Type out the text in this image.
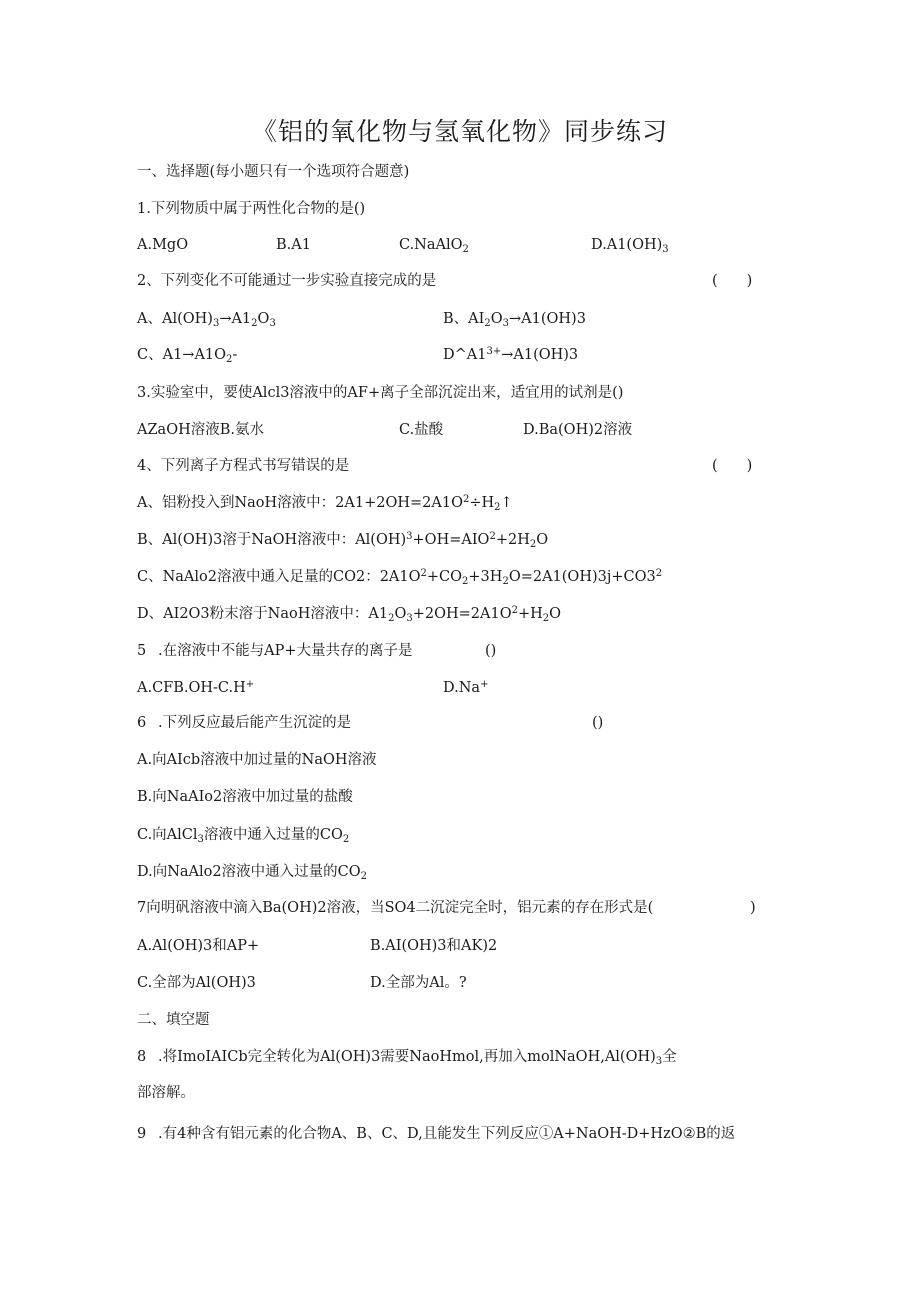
《铝的氧化物与氢氧化物》同步练习
一、选择题(每小题只有一个选项符合题意)
1.下列物质中属于两性化合物的是()
A.MgO	B.A1	C.NaAlO$_2$	$D.A1(OH)_3$
2、下列变化不可能通过一步实验直接完成的是	(　　)
A、$Al(OH)_3\to A1_2O_3$	B、$AI_2O_3\to A1(OH)3$
C、$A1\to A1O_2-$	$D\^{}A1^{3+}\to A1(OH)3$
3.实验室中，要使Alcl3溶液中的AF+离子全部沉淀出来，适宜用的试剂是()
AZaOH溶液B.氨水	C.盐酸	D.Ba(OH)2溶液
4、下列离子方程式书写错误的是	(　　)
A、铝粉投入到NaoH溶液中：$2A1+2OH=2A1O^2\div H_2↑$
B、Al(OH)3溶于NaOH溶液中：$Al(OH)^3+OH=AIO^2+2H_2O$
C、NaAlo2溶液中通入足量的CO2：$2A1O^2+CO_2+3H_2O=2A1(OH)3j+CO3^2$
D、AI2O3粉末溶于NaoH溶液中：$A1_2O_3+2OH=2A1O^2+H_2O$
5 .在溶液中不能与AP+大量共存的离子是	()
A.CFB.OH-C.H+	D.Na+
6 .下列反应最后能产生沉淀的是	()
A.向AIcb溶液中加过量的NaOH溶液
B.向NaAIo2溶液中加过量的盐酸
C.向AlCl$_3$溶液中通入过量的$CO_2$
D.向NaAlo2溶液中通入过量的$CO_2$
7向明矾溶液中滴入Ba(OH)2溶液，当SO4二沉淀完全时，铝元素的存在形式是(	)
A.Al(OH)3和AP+	B.AI(OH)3和AK)2
C.全部为Al(OH)3	D.全部为Al。?
二、填空题
8 .将ImoIAICb完全转化为Al(OH)3需要NaoHmol,再加入$molNaOH,Al(OH)_3$全
部溶解。
9 .有4种含有铝元素的化合物A、B、C、D,且能发生下列反应①A+NaOH-D+HzO②B的返
